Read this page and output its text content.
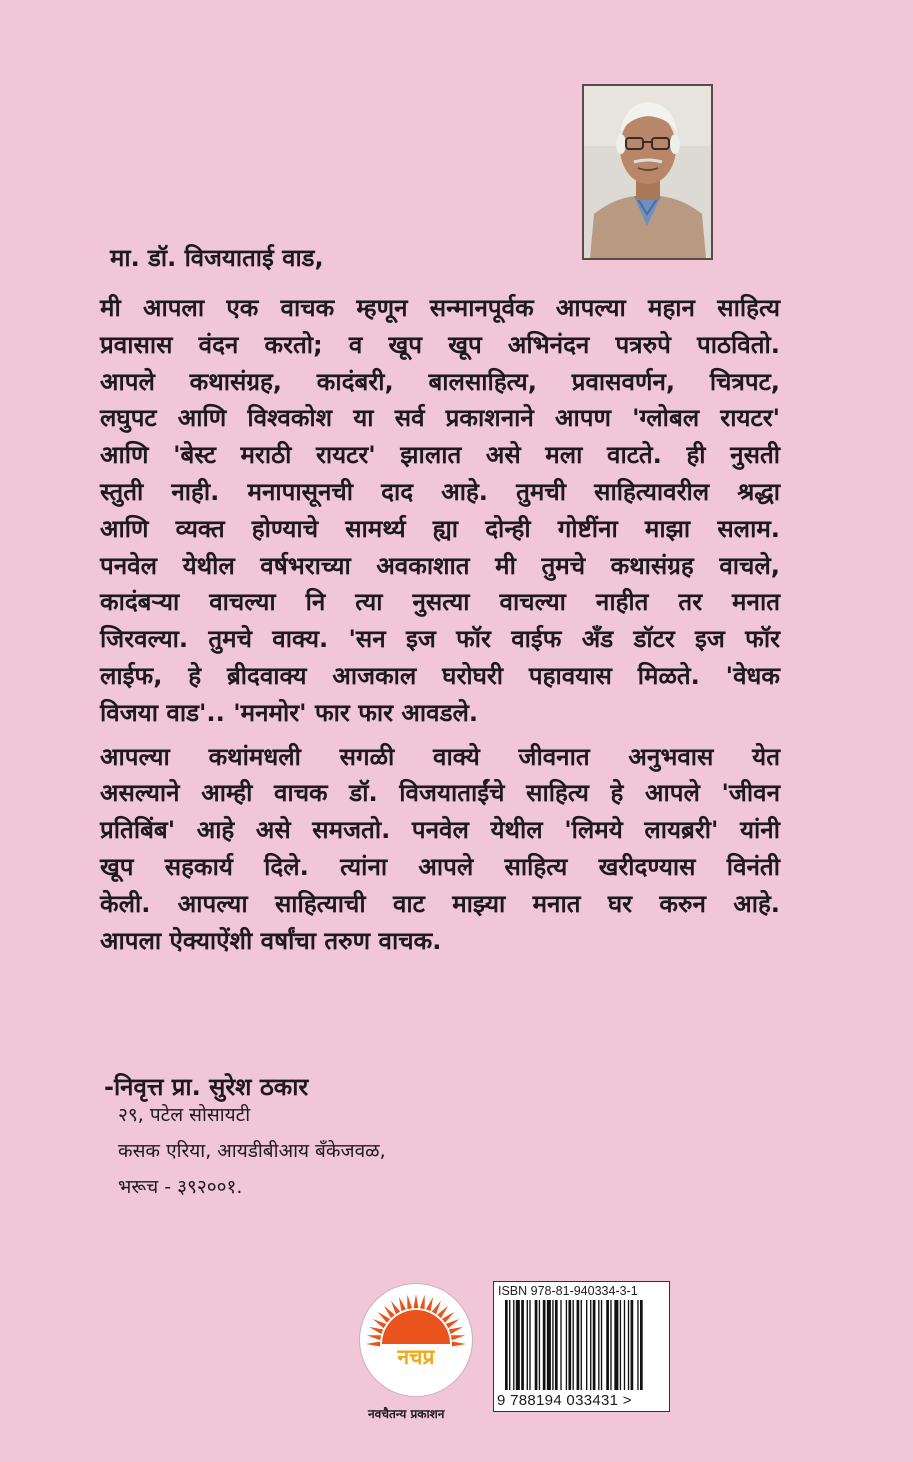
मा. डॉ. विजयाताई वाड,
मी आपला एक वाचक म्हणून सन्मानपूर्वक आपल्या महान साहित्य
प्रवासास वंदन करतो; व खूप खूप अभिनंदन पत्ररुपे पाठवितो.
आपले कथासंग्रह, कादंबरी, बालसाहित्य, प्रवासवर्णन, चित्रपट,
लघुपट आणि विश्वकोश या सर्व प्रकाशनाने आपण 'ग्लोबल रायटर'
आणि 'बेस्ट मराठी रायटर' झालात असे मला वाटते. ही नुसती
स्तुती नाही. मनापासूनची दाद आहे. तुमची साहित्यावरील श्रद्धा
आणि व्यक्त होण्याचे सामर्थ्य ह्या दोन्ही गोष्टींना माझा सलाम.
पनवेल येथील वर्षभराच्या अवकाशात मी तुमचे कथासंग्रह वाचले,
कादंबऱ्या वाचल्या नि त्या नुसत्या वाचल्या नाहीत तर मनात
जिरवल्या. तुमचे वाक्य. 'सन इज फॉर वाईफ अँड डॉटर इज फॉर
लाईफ, हे ब्रीदवाक्य आजकाल घरोघरी पहावयास मिळते. 'वेधक
विजया वाड'.. 'मनमोर' फार फार आवडले.
आपल्या कथांमधली सगळी वाक्ये जीवनात अनुभवास येत
असल्याने आम्ही वाचक डॉ. विजयाताईंचे साहित्य हे आपले 'जीवन
प्रतिबिंब' आहे असे समजतो. पनवेल येथील 'लिमये लायब्ररी' यांनी
खूप सहकार्य दिले. त्यांना आपले साहित्य खरीदण्यास विनंती
केली. आपल्या साहित्याची वाट माझ्या मनात घर करुन आहे.
आपला ऐक्याऐंशी वर्षांचा तरुण वाचक.
-निवृत्त प्रा. सुरेश ठकार
२९, पटेल सोसायटी
कसक एरिया, आयडीबीआय बँकेजवळ,
भरूच - ३९२००१.
नचप्र
नवचैतन्य प्रकाशन
ISBN 978-81-940334-3-1
9 788194 033431 >
